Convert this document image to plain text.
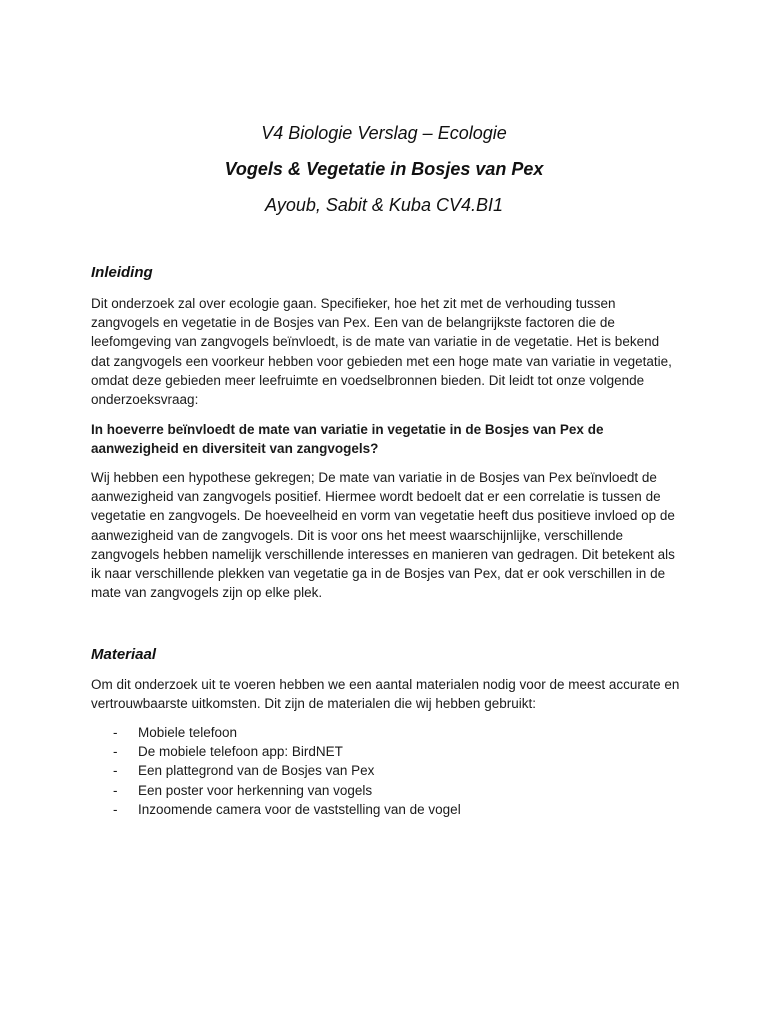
V4 Biologie Verslag – Ecologie
Vogels & Vegetatie in Bosjes van Pex
Ayoub, Sabit & Kuba CV4.BI1
Inleiding

Dit onderzoek zal over ecologie gaan. Specifieker, hoe het zit met de verhouding tussen zangvogels en vegetatie in de Bosjes van Pex. Een van de belangrijkste factoren die de leefomgeving van zangvogels beïnvloedt, is de mate van variatie in de vegetatie. Het is bekend dat zangvogels een voorkeur hebben voor gebieden met een hoge mate van variatie in vegetatie, omdat deze gebieden meer leefruimte en voedselbronnen bieden. Dit leidt tot onze volgende onderzoeksvraag:

In hoeverre beïnvloedt de mate van variatie in vegetatie in de Bosjes van Pex de aanwezigheid en diversiteit van zangvogels?

Wij hebben een hypothese gekregen; De mate van variatie in de Bosjes van Pex beïnvloedt de aanwezigheid van zangvogels positief. Hiermee wordt bedoelt dat er een correlatie is tussen de vegetatie en zangvogels. De hoeveelheid en vorm van vegetatie heeft dus positieve invloed op de aanwezigheid van de zangvogels. Dit is voor ons het meest waarschijnlijke, verschillende zangvogels hebben namelijk verschillende interesses en manieren van gedragen. Dit betekent als ik naar verschillende plekken van vegetatie ga in de Bosjes van Pex, dat er ook verschillen in de mate van zangvogels zijn op elke plek.

Materiaal

Om dit onderzoek uit te voeren hebben we een aantal materialen nodig voor de meest accurate en vertrouwbaarste uitkomsten. Dit zijn de materialen die wij hebben gebruikt:

- Mobiele telefoon
- De mobiele telefoon app: BirdNET
- Een plattegrond van de Bosjes van Pex
- Een poster voor herkenning van vogels
- Inzoomende camera voor de vaststelling van de vogel
